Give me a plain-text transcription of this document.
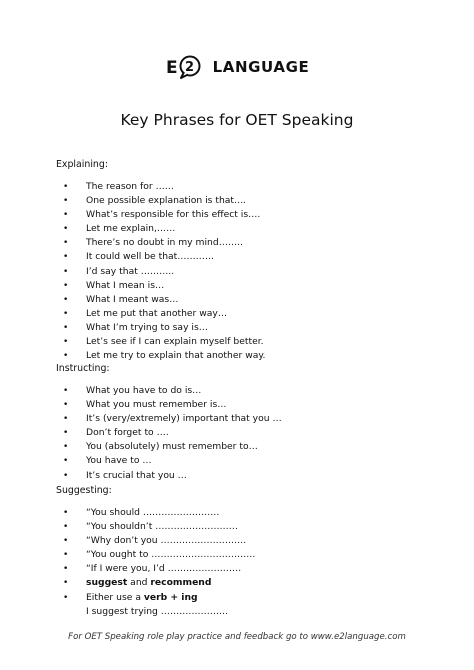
E 2 LANGUAGE
Key Phrases for OET Speaking

Explaining:

• The reason for ……
• One possible explanation is that….
• What’s responsible for this effect is….
• Let me explain,……
• There’s no doubt in my mind……..
• It could well be that…………
• I’d say that ………..
• What I mean is…
• What I meant was…
• Let me put that another way…
• What I’m trying to say is…
• Let’s see if I can explain myself better.
• Let me try to explain that another way.

Instructing:

• What you have to do is…
• What you must remember is…
• It’s (very/extremely) important that you …
• Don’t forget to ….
• You (absolutely) must remember to…
• You have to …
• It’s crucial that you …

Suggesting:

• “You should …………………….
• “You shouldn’t ………………………
• “Why don’t you ……………………….
• “You ought to …………………………….
• “If I were you, I’d ……………………
• suggest and recommend
• Either use a verb + ing
I suggest trying ………………….
For OET Speaking role play practice and feedback go to www.e2language.com
